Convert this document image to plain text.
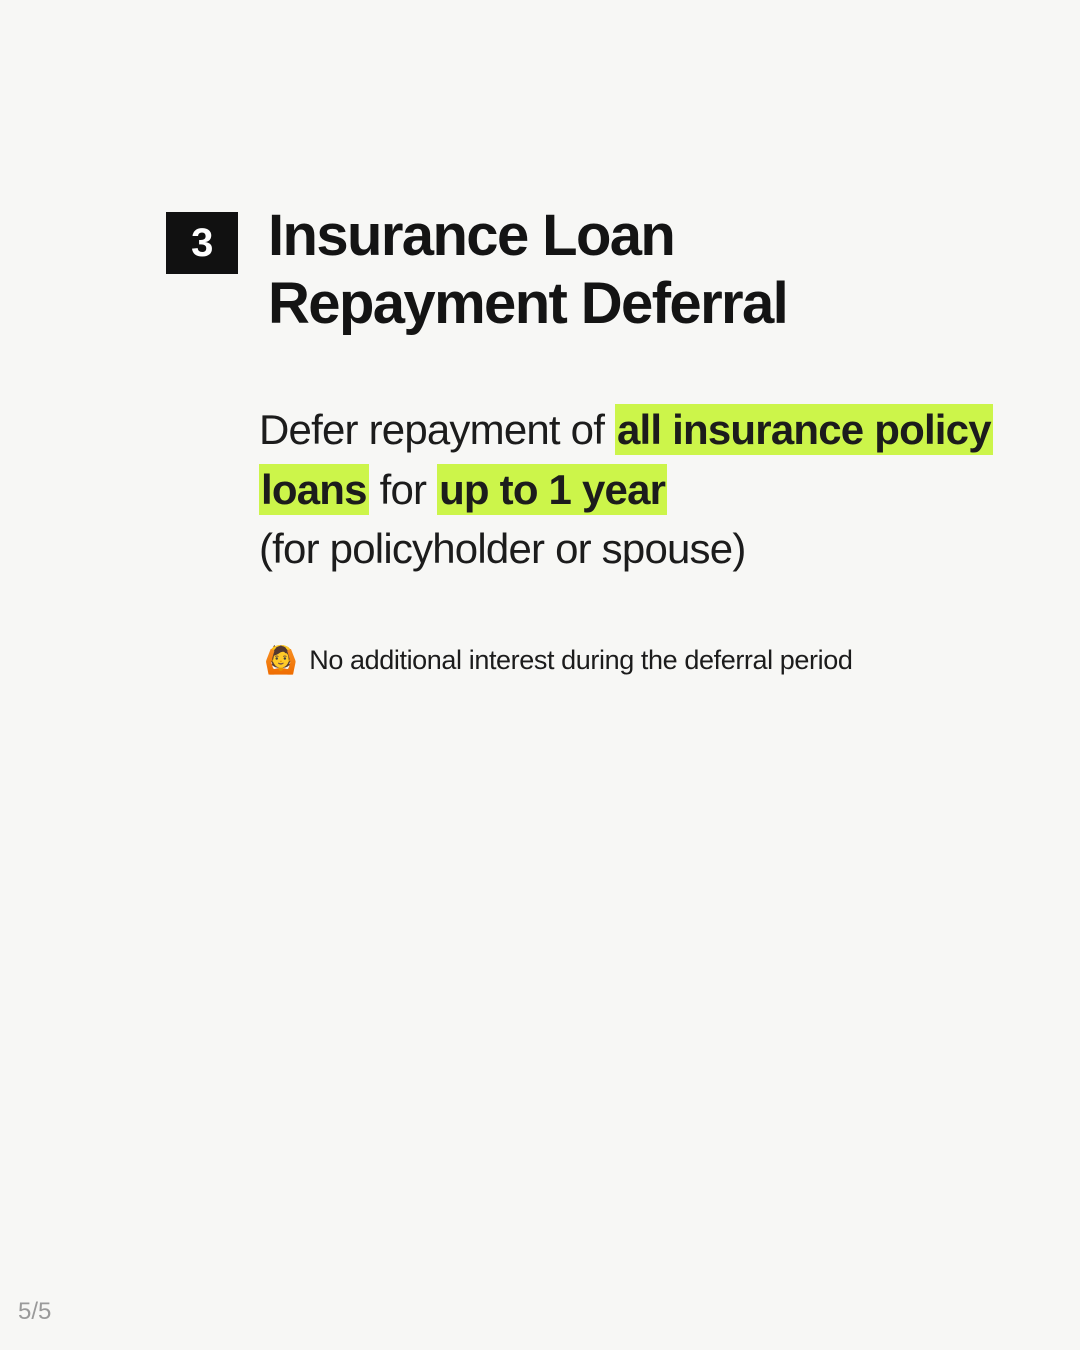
3 Insurance Loan
Repayment Deferral
Defer repayment of all insurance policy loans for up to 1 year
(for policyholder or spouse)
🙆 No additional interest during the deferral period
5/5
